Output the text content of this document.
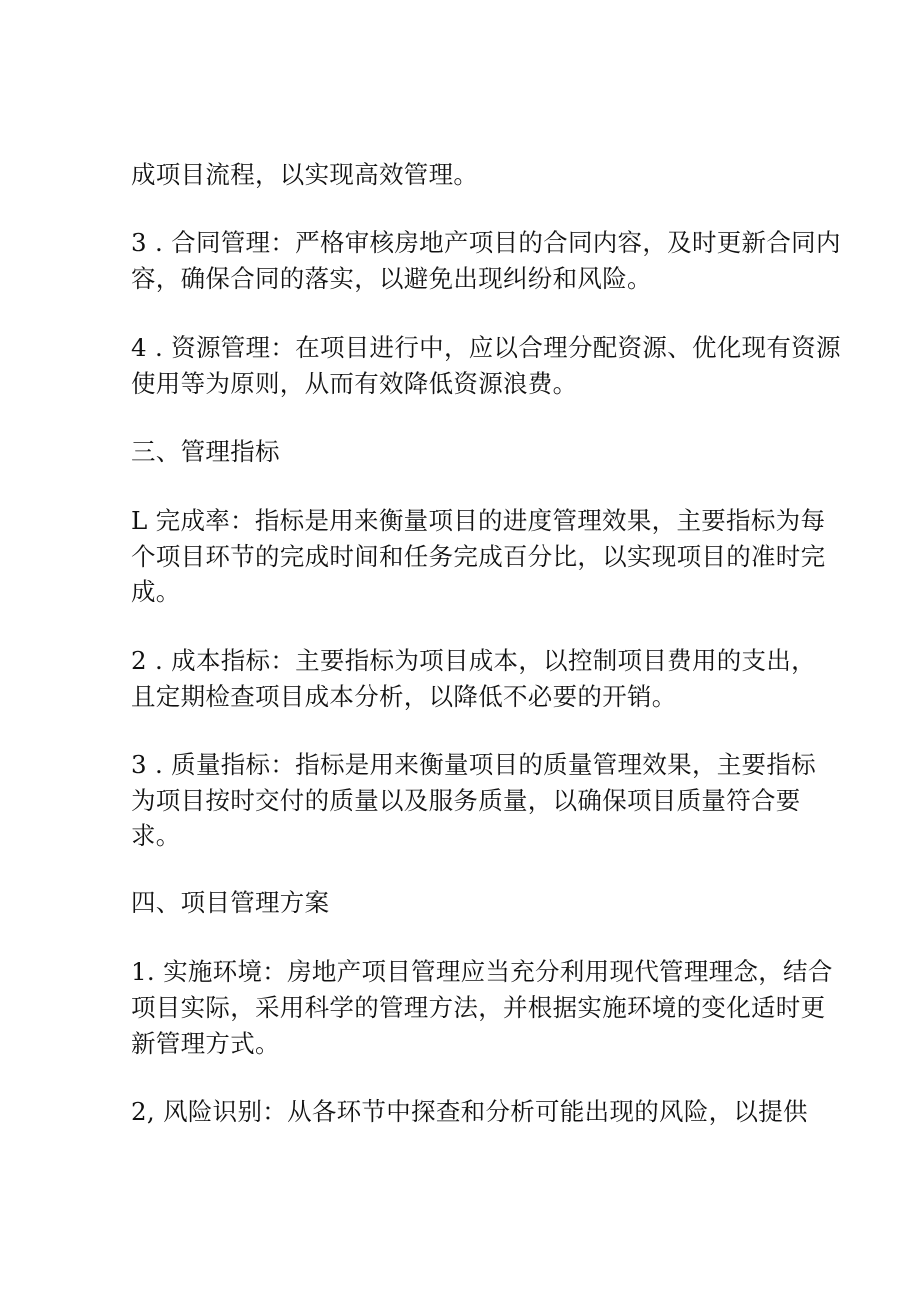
成项目流程，以实现高效管理。

3 . 合同管理：严格审核房地产项目的合同内容，及时更新合同内

容，确保合同的落实，以避免出现纠纷和风险。

4 . 资源管理：在项目进行中，应以合理分配资源、优化现有资源

使用等为原则，从而有效降低资源浪费。

三、管理指标

L 完成率：指标是用来衡量项目的进度管理效果，主要指标为每

个项目环节的完成时间和任务完成百分比，以实现项目的准时完

成。

2 . 成本指标：主要指标为项目成本，以控制项目费用的支出，

且定期检查项目成本分析，以降低不必要的开销。

3 . 质量指标：指标是用来衡量项目的质量管理效果，主要指标

为项目按时交付的质量以及服务质量，以确保项目质量符合要

求。

四、项目管理方案

1. 实施环境：房地产项目管理应当充分利用现代管理理念，结合

项目实际，采用科学的管理方法，并根据实施环境的变化适时更

新管理方式。

2, 风险识别：从各环节中探查和分析可能出现的风险，以提供
